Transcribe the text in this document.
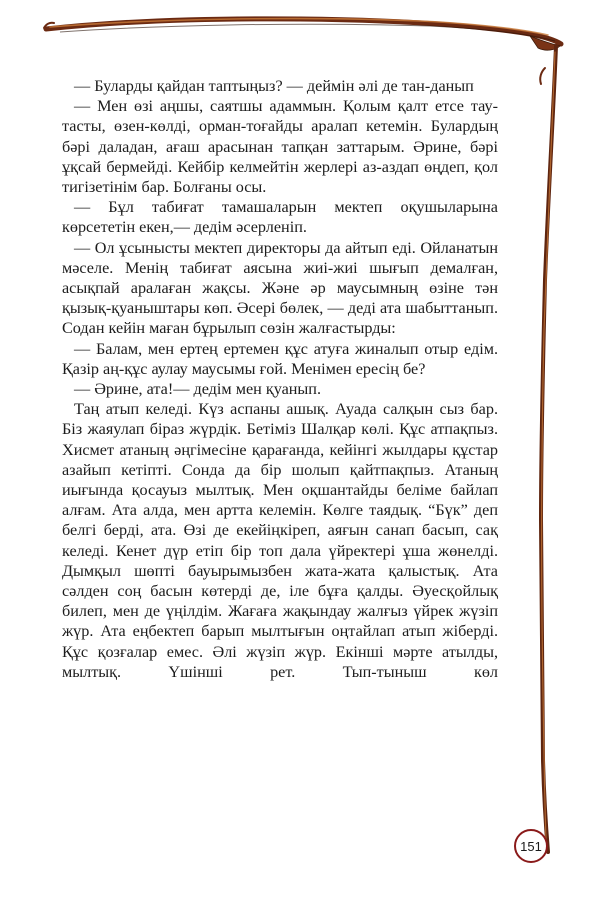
— Буларды қайдан таптыңыз? — деймін әлі де тан-данып

— Мен өзі аңшы, саятшы адаммын. Қолым қалт етсе тау-тасты, өзен-көлді, орман-тоғайды аралап кетемін. Булардың бәрі даладан, ағаш арасынан тапқан заттарым. Әрине, бәрі ұқсай бермейді. Кейбір келмейтін жерлері аз-аздап өңдеп, қол тигізетінім бар. Болғаны осы.

— Бұл табиғат тамашаларын мектеп оқушыларына көрсететін екен,— дедім әсерленіп.

— Ол ұсынысты мектеп директоры да айтып еді. Ойланатын мәселе. Менің табиғат аясына жиі-жиі шығып демалған, асықпай аралаған жақсы. Және әр маусымның өзіне тән қызық-қуаныштары көп. Әсері бөлек, — деді ата шабыттанып. Содан кейін маған бұрылып сөзін жалғастырды:

— Балам, мен ертең ертемен құс атуға жиналып отыр едім. Қазір аң-құс аулау маусымы ғой. Менімен ересің бе?

— Әрине, ата!— дедім мен қуанып.

Таң атып келеді. Күз аспаны ашық. Ауада салқын сыз бар. Біз жаяулап біраз жүрдік. Бетіміз Шалқар көлі. Құс атпақпыз. Хисмет атаның әңгімесіне қарағанда, кейінгі жылдары құстар азайып кетіпті. Сонда да бір шолып қайтпақпыз. Атаның иығында қосауыз мылтық. Мен оқшантайды беліме байлап алғам. Ата алда, мен артта келемін. Көлге таядық. “Бүк” деп белгі берді, ата. Өзі де екейіңкіреп, аяғын санап басып, сақ келеді. Кенет дүр етіп бір топ дала үйректері ұша жөнелді. Дымқыл шөпті бауырымызбен жата-жата қалыстық. Ата сәлден соң басын көтерді де, іле бұға қалды. Әуесқойлық билеп, мен де үңілдім. Жағаға жақындау жалғыз үйрек жүзіп жүр. Ата еңбектеп барып мылтығын оңтайлап атып жіберді. Құс қозғалар емес. Әлі жүзіп жүр. Екінші мәрте атылды, мылтық. Үшінші рет. Тып-тыныш көл

151
